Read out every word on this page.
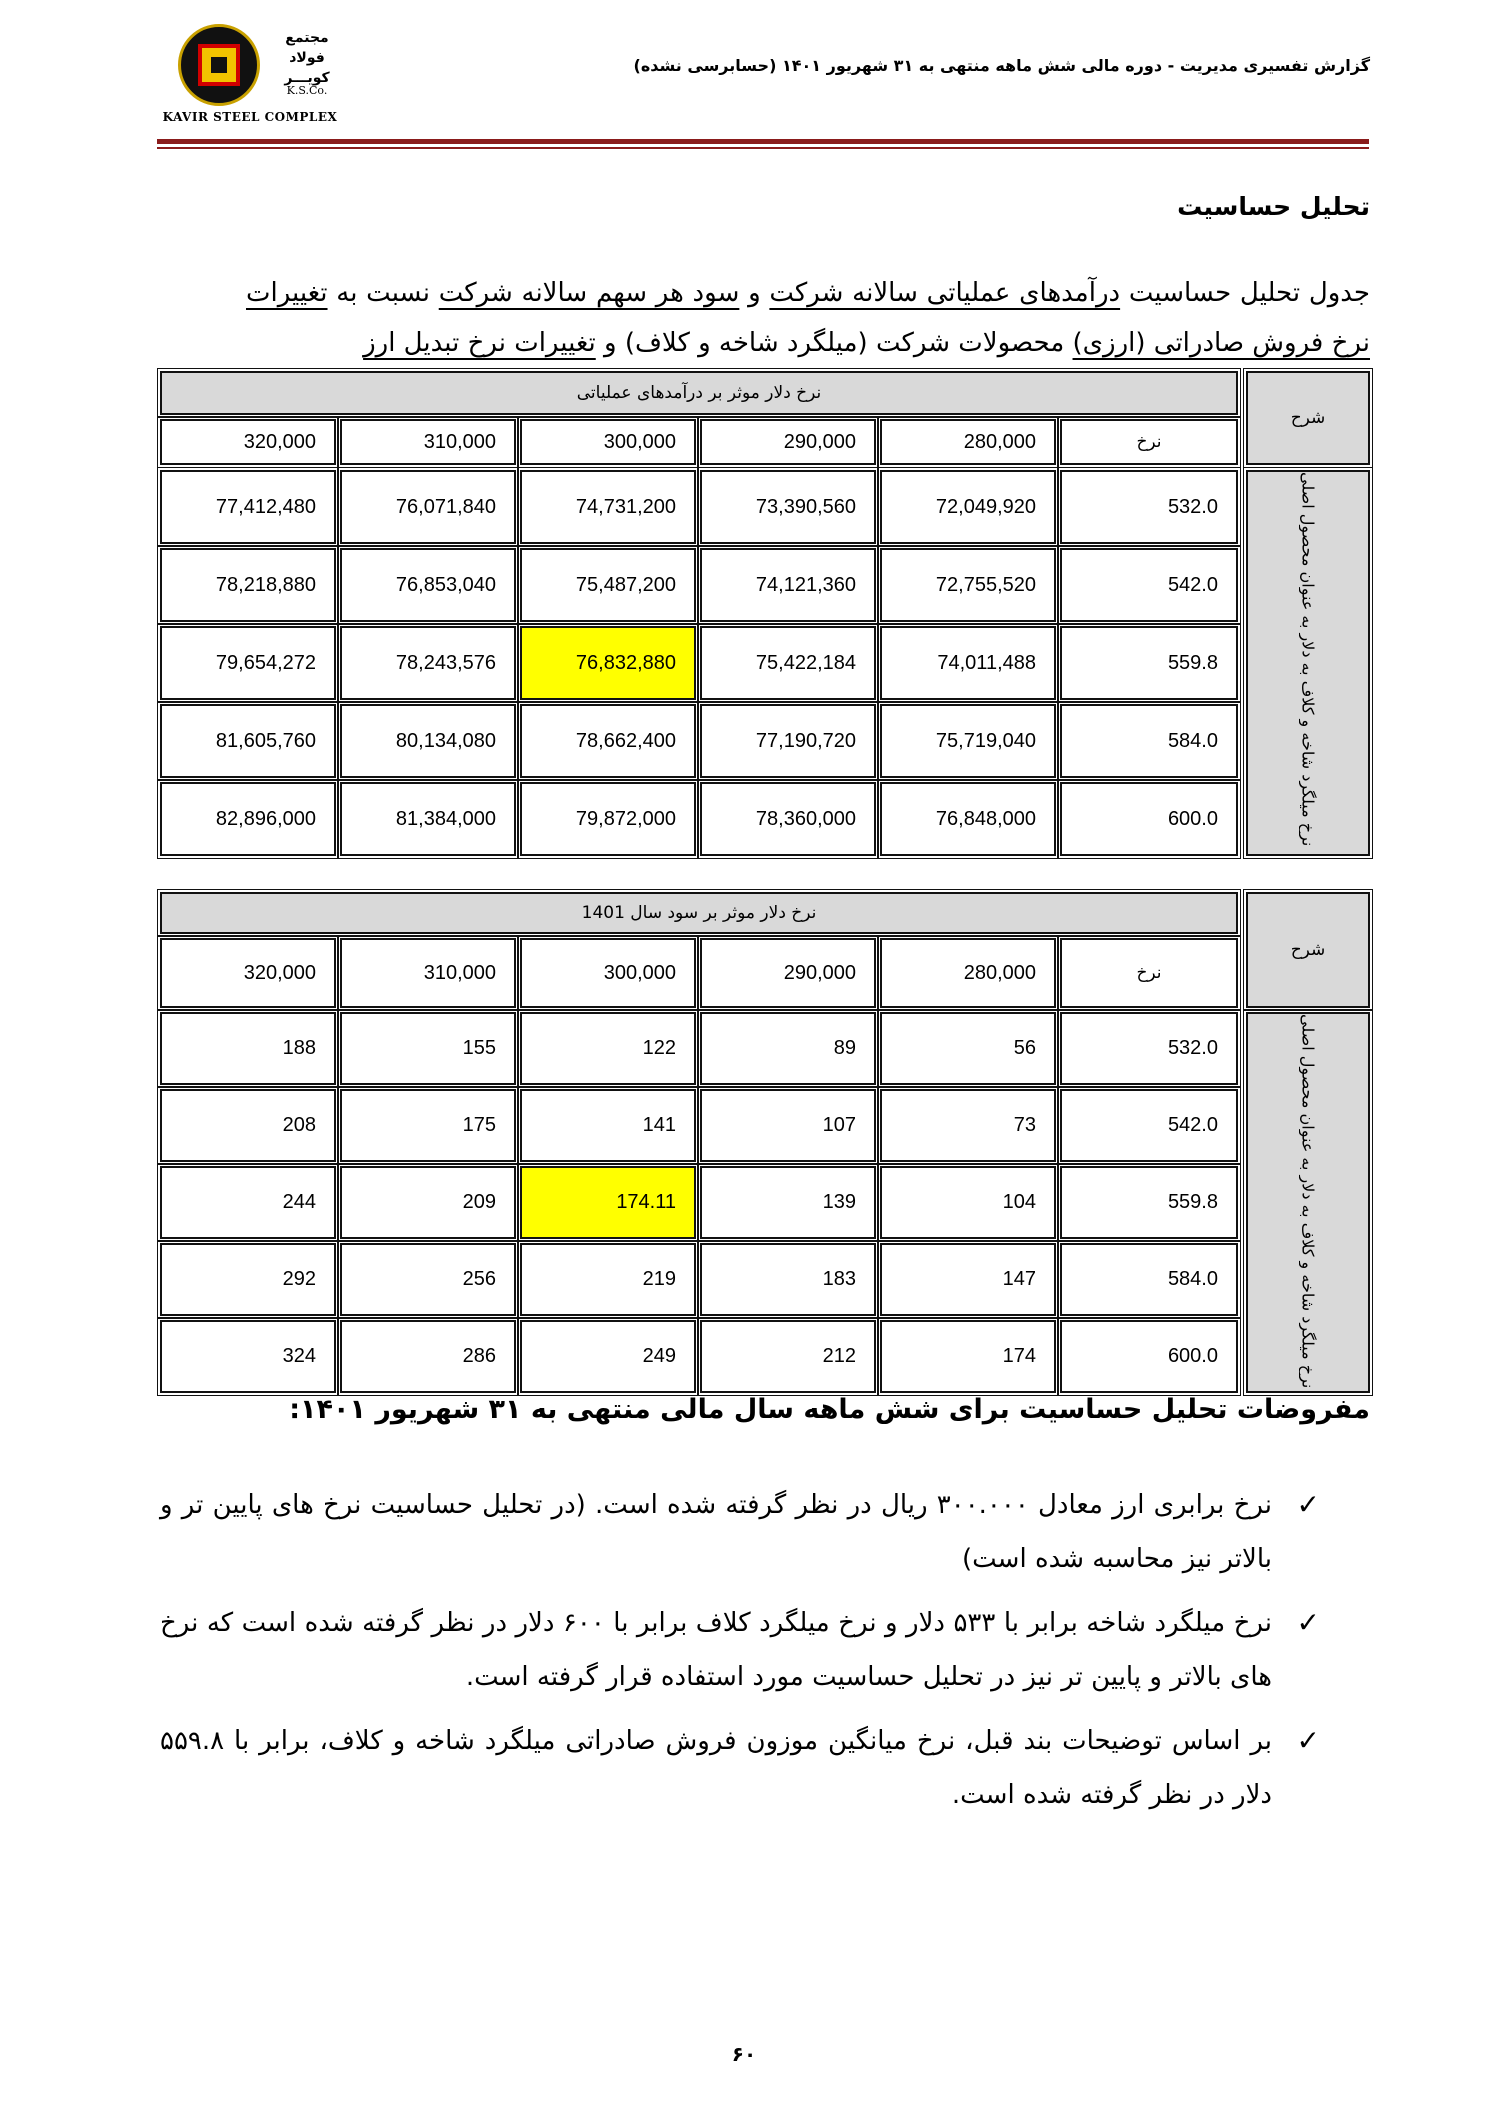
مجتمع
فولاد کویـــر
K.S.Co.
KAVIR STEEL COMPLEX
گزارش تفسیری مدیریت - دوره مالی شش ماهه منتهی به ۳۱ شهریور ۱۴۰۱ (حسابرسی نشده)
تحلیل حساسیت
جدول تحلیل حساسیت درآمدهای عملیاتی سالانه شرکت و سود هر سهم سالانه شرکت نسبت به تغییرات نرخ فروش صادراتی (ارزی) محصولات شرکت (میلگرد شاخه و کلاف) و تغییرات نرخ تبدیل ارز
نرخ دلار موثر بر درآمدهای عملیاتی
شرح
نرخ
280,000
290,000
300,000
310,000
320,000
نرخ میلگرد شاخه و کلاف به دلار به عنوان محصول اصلی
532.0
72,049,920
73,390,560
74,731,200
76,071,840
77,412,480
542.0
72,755,520
74,121,360
75,487,200
76,853,040
78,218,880
559.8
74,011,488
75,422,184
76,832,880
78,243,576
79,654,272
584.0
75,719,040
77,190,720
78,662,400
80,134,080
81,605,760
600.0
76,848,000
78,360,000
79,872,000
81,384,000
82,896,000
نرخ دلار موثر بر سود سال 1401
شرح
نرخ
280,000
290,000
300,000
310,000
320,000
نرخ میلگرد شاخه و کلاف به دلار به عنوان محصول اصلی
532.0
56
89
122
155
188
542.0
73
107
141
175
208
559.8
104
139
174.11
209
244
584.0
147
183
219
256
292
600.0
174
212
249
286
324
مفروضات تحلیل حساسیت برای شش ماهه سال مالی منتهی به ۳۱ شهریور ۱۴۰۱:
✓
نرخ برابری ارز معادل ۳۰۰.۰۰۰ ریال در نظر گرفته شده است. (در تحلیل حساسیت نرخ های پایین تر و بالاتر نیز محاسبه شده است)
✓
نرخ میلگرد شاخه برابر با ۵۳۳ دلار و نرخ میلگرد کلاف برابر با ۶۰۰ دلار در نظر گرفته شده است که نرخ های بالاتر و پایین تر نیز در تحلیل حساسیت مورد استفاده قرار گرفته است.
✓
بر اساس توضیحات بند قبل، نرخ میانگین موزون فروش صادراتی میلگرد شاخه و کلاف، برابر با ۵۵۹.۸ دلار در نظر گرفته شده است.
۶۰
